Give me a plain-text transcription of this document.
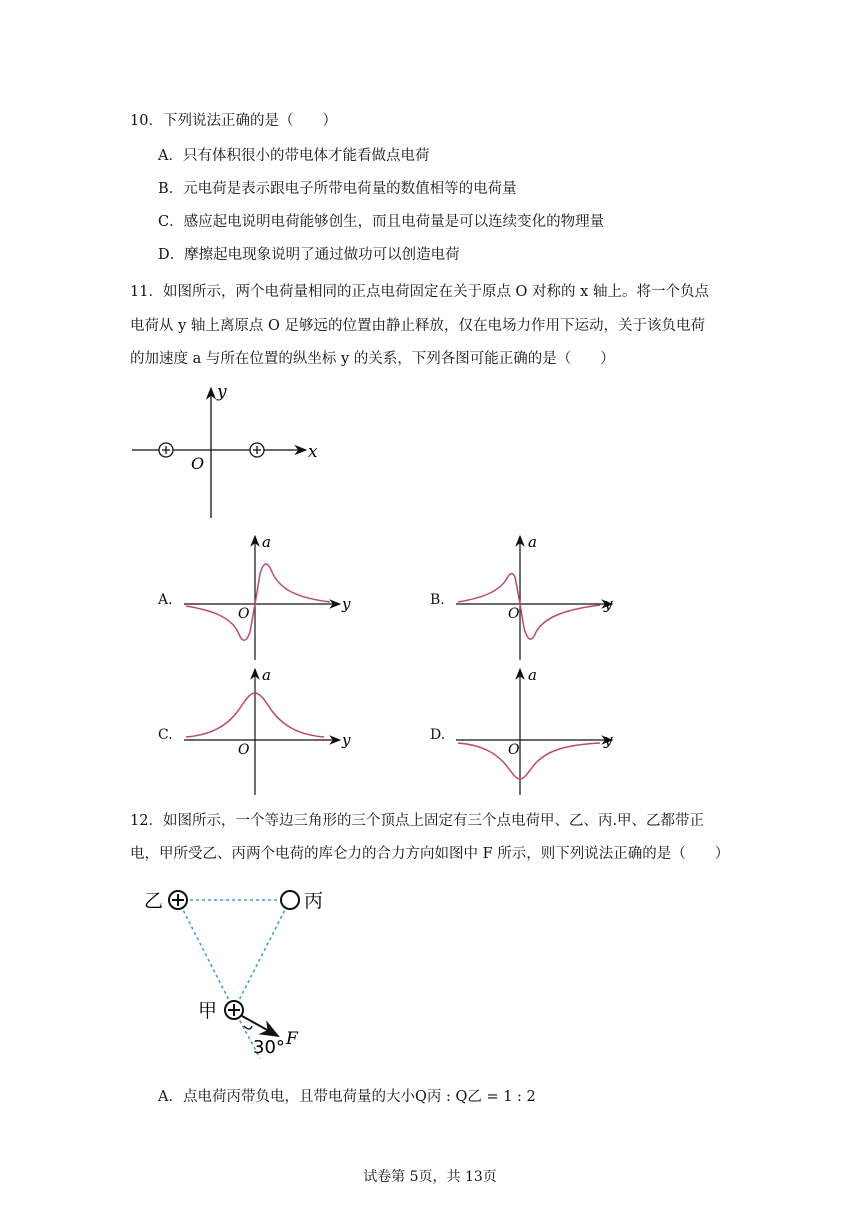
10．下列说法正确的是（　　）
A．只有体积很小的带电体才能看做点电荷
B．元电荷是表示跟电子所带电荷量的数值相等的电荷量
C．感应起电说明电荷能够创生，而且电荷量是可以连续变化的物理量
D．摩擦起电现象说明了通过做功可以创造电荷
11．如图所示，两个电荷量相同的正点电荷固定在关于原点 O 对称的 x 轴上。将一个负点
电荷从 y 轴上离原点 O 足够远的位置由静止释放，仅在电场力作用下运动，关于该负电荷
的加速度 a 与所在位置的纵坐标 y 的关系，下列各图可能正确的是（　　）
x
y
O
A.	y
a
O
B.	y
a
O
C.	y
a
O
D.	y
a
O
12．如图所示，一个等边三角形的三个顶点上固定有三个点电荷甲、乙、丙.甲、乙都带正
电，甲所受乙、丙两个电荷的库仑力的合力方向如图中 F 所示，则下列说法正确的是（　　）
乙	丙
甲
30° F
A．点电荷丙带负电，且带电荷量的大小Q丙 : Q乙 = 1 : 2
试卷第 5页，共 13页
